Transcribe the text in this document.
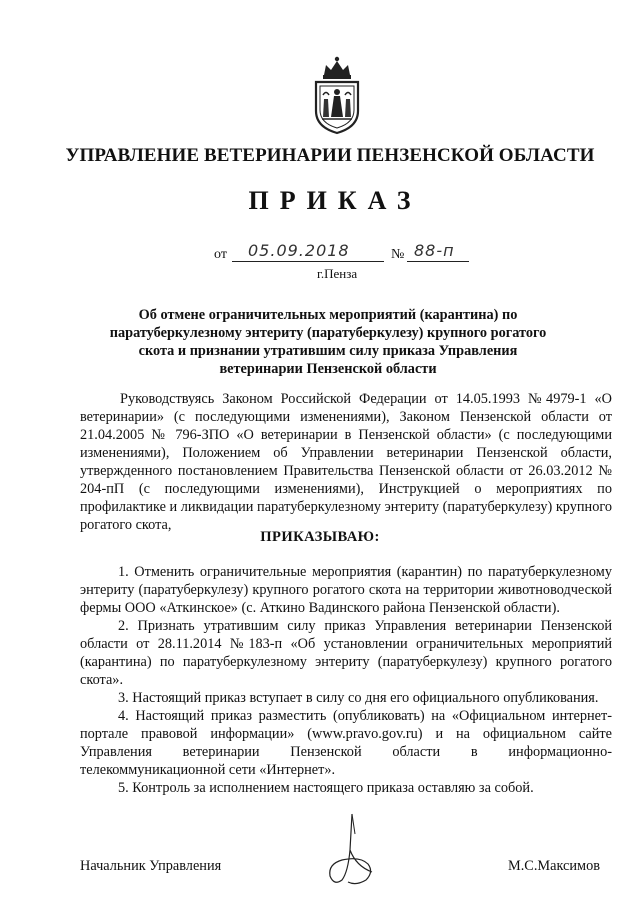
УПРАВЛЕНИЕ ВЕТЕРИНАРИИ ПЕНЗЕНСКОЙ ОБЛАСТИ
ПРИКАЗ
от 05.09.2018	№ 88-п
г.Пенза
Об отмене ограничительных мероприятий (карантина) по паратуберкулезному энтериту (паратуберкулезу) крупного рогатого скота и признании утратившим силу приказа Управления ветеринарии Пензенской области

Руководствуясь Законом Российской Федерации от 14.05.1993 №4979-1 «О ветеринарии» (с последующими изменениями), Законом Пензенской области от 21.04.2005 № 796-ЗПО «О ветеринарии в Пензенской области» (с последующими изменениями), Положением об Управлении ветеринарии Пензенской области, утвержденного постановлением Правительства Пензенской области от 26.03.2012 № 204-пП (с последующими изменениями), Инструкцией о мероприятиях по профилактике и ликвидации паратуберкулезному энтериту (паратуберкулезу) крупного рогатого скота,

ПРИКАЗЫВАЮ:

1. Отменить ограничительные мероприятия (карантин) по паратуберкулезному энтериту (паратуберкулезу) крупного рогатого скота на территории животноводческой фермы ООО «Аткинское» (с. Аткино Вадинского района Пензенской области).

2. Признать утратившим силу приказ Управления ветеринарии Пензенской области от 28.11.2014 №183-п «Об установлении ограничительных мероприятий (карантина) по паратуберкулезному энтериту (паратуберкулезу) крупного рогатого скота».

3. Настоящий приказ вступает в силу со дня его официального опубликования.

4. Настоящий приказ разместить (опубликовать) на «Официальном интернет-портале правовой информации» (www.pravo.gov.ru) и на официальном сайте Управления ветеринарии Пензенской области в информационно-телекоммуникационной сети «Интернет».

5. Контроль за исполнением настоящего приказа оставляю за собой.

Начальник Управления	М.С.Максимов
